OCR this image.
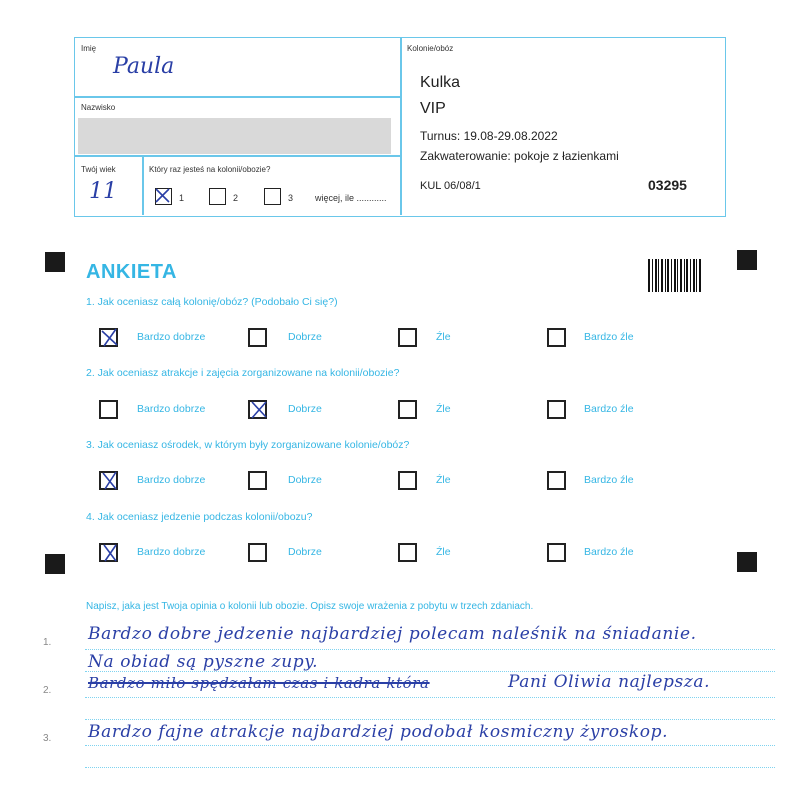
Imię
Paula
Nazwisko
Twój wiek
11
Który raz jesteś na kolonii/obozie?
1	2	3 więcej, ile ............
Kolonie/obóz
Kulka
VIP
Turnus: 19.08-29.08.2022
Zakwaterowanie: pokoje z łazienkami
KUL 06/08/1	03295
ANKIETA
1. Jak oceniasz całą kolonię/obóz? (Podobało Ci się?)
Bardzo dobrze	Dobrze	Źle	Bardzo źle
2. Jak oceniasz atrakcje i zajęcia zorganizowane na kolonii/obozie?
Bardzo dobrze	Dobrze	Źle	Bardzo źle
3. Jak oceniasz ośrodek, w którym były zorganizowane kolonie/obóz?
Bardzo dobrze	Dobrze	Źle	Bardzo źle
4. Jak oceniasz jedzenie podczas kolonii/obozu?
Bardzo dobrze	Dobrze	Źle	Bardzo źle
Napisz, jaka jest Twoja opinia o kolonii lub obozie. Opisz swoje wrażenia z pobytu w trzech zdaniach.
1.
2.
3.
Bardzo dobre jedzenie najbardziej polecam naleśnik na śniadanie.
Na obiad są pyszne zupy.
Bardzo miło spędzałam czas i kadra która	Pani Oliwia najlepsza.
Bardzo fajne atrakcje najbardziej podobał kosmiczny żyroskop.
